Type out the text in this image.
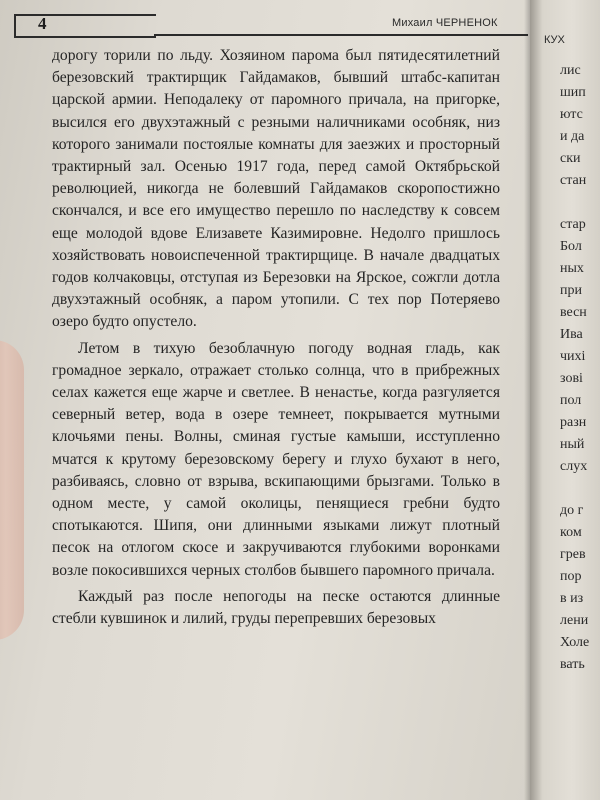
4	Михаил ЧЕРНЕНОК

дорогу торили по льду. Хозяином парома был пятидесятилетний березовский трактирщик Гайдамаков, бывший штабс-капитан царской армии. Неподалеку от паромного причала, на пригорке, высился его двухэтажный с резными наличниками особняк, низ которого занимали постоялые комнаты для заезжих и просторный трактирный зал. Осенью 1917 года, перед самой Октябрьской революцией, никогда не болевший Гайдамаков скоропостижно скончался, и все его имущество перешло по наследству к совсем еще молодой вдове Елизавете Казимировне. Недолго пришлось хозяйствовать новоиспеченной трактирщице. В начале двадцатых годов колчаковцы, отступая из Березовки на Ярское, сожгли дотла двухэтажный особняк, а паром утопили. С тех пор Потеряево озеро будто опустело.

Летом в тихую безоблачную погоду водная гладь, как громадное зеркало, отражает столько солнца, что в прибрежных селах кажется еще жарче и светлее. В ненастье, когда разгуляется северный ветер, вода в озере темнеет, покрывается мутными клочьями пены. Волны, сминая густые камыши, исступленно мчатся к крутому березовскому берегу и глухо бухают в него, разбиваясь, словно от взрыва, вскипающими брызгами. Только в одном месте, у самой околицы, пенящиеся гребни будто спотыкаются. Шипя, они длинными языками лижут плотный песок на отлогом скосе и закручиваются глубокими воронками возле покосившихся черных столбов бывшего паромного причала.

Каждый раз после непогоды на песке остаются длинные стебли кувшинок и лилий, груды перепревших березовых

КУХ
лис
шип
ютс
и да
ски
стан
стар
Бол
ных
при
весн
Ива
чихі
зові
пол
разн
ный
слух
до г
ком
грев
пор
в из
лени
Холе
вать
